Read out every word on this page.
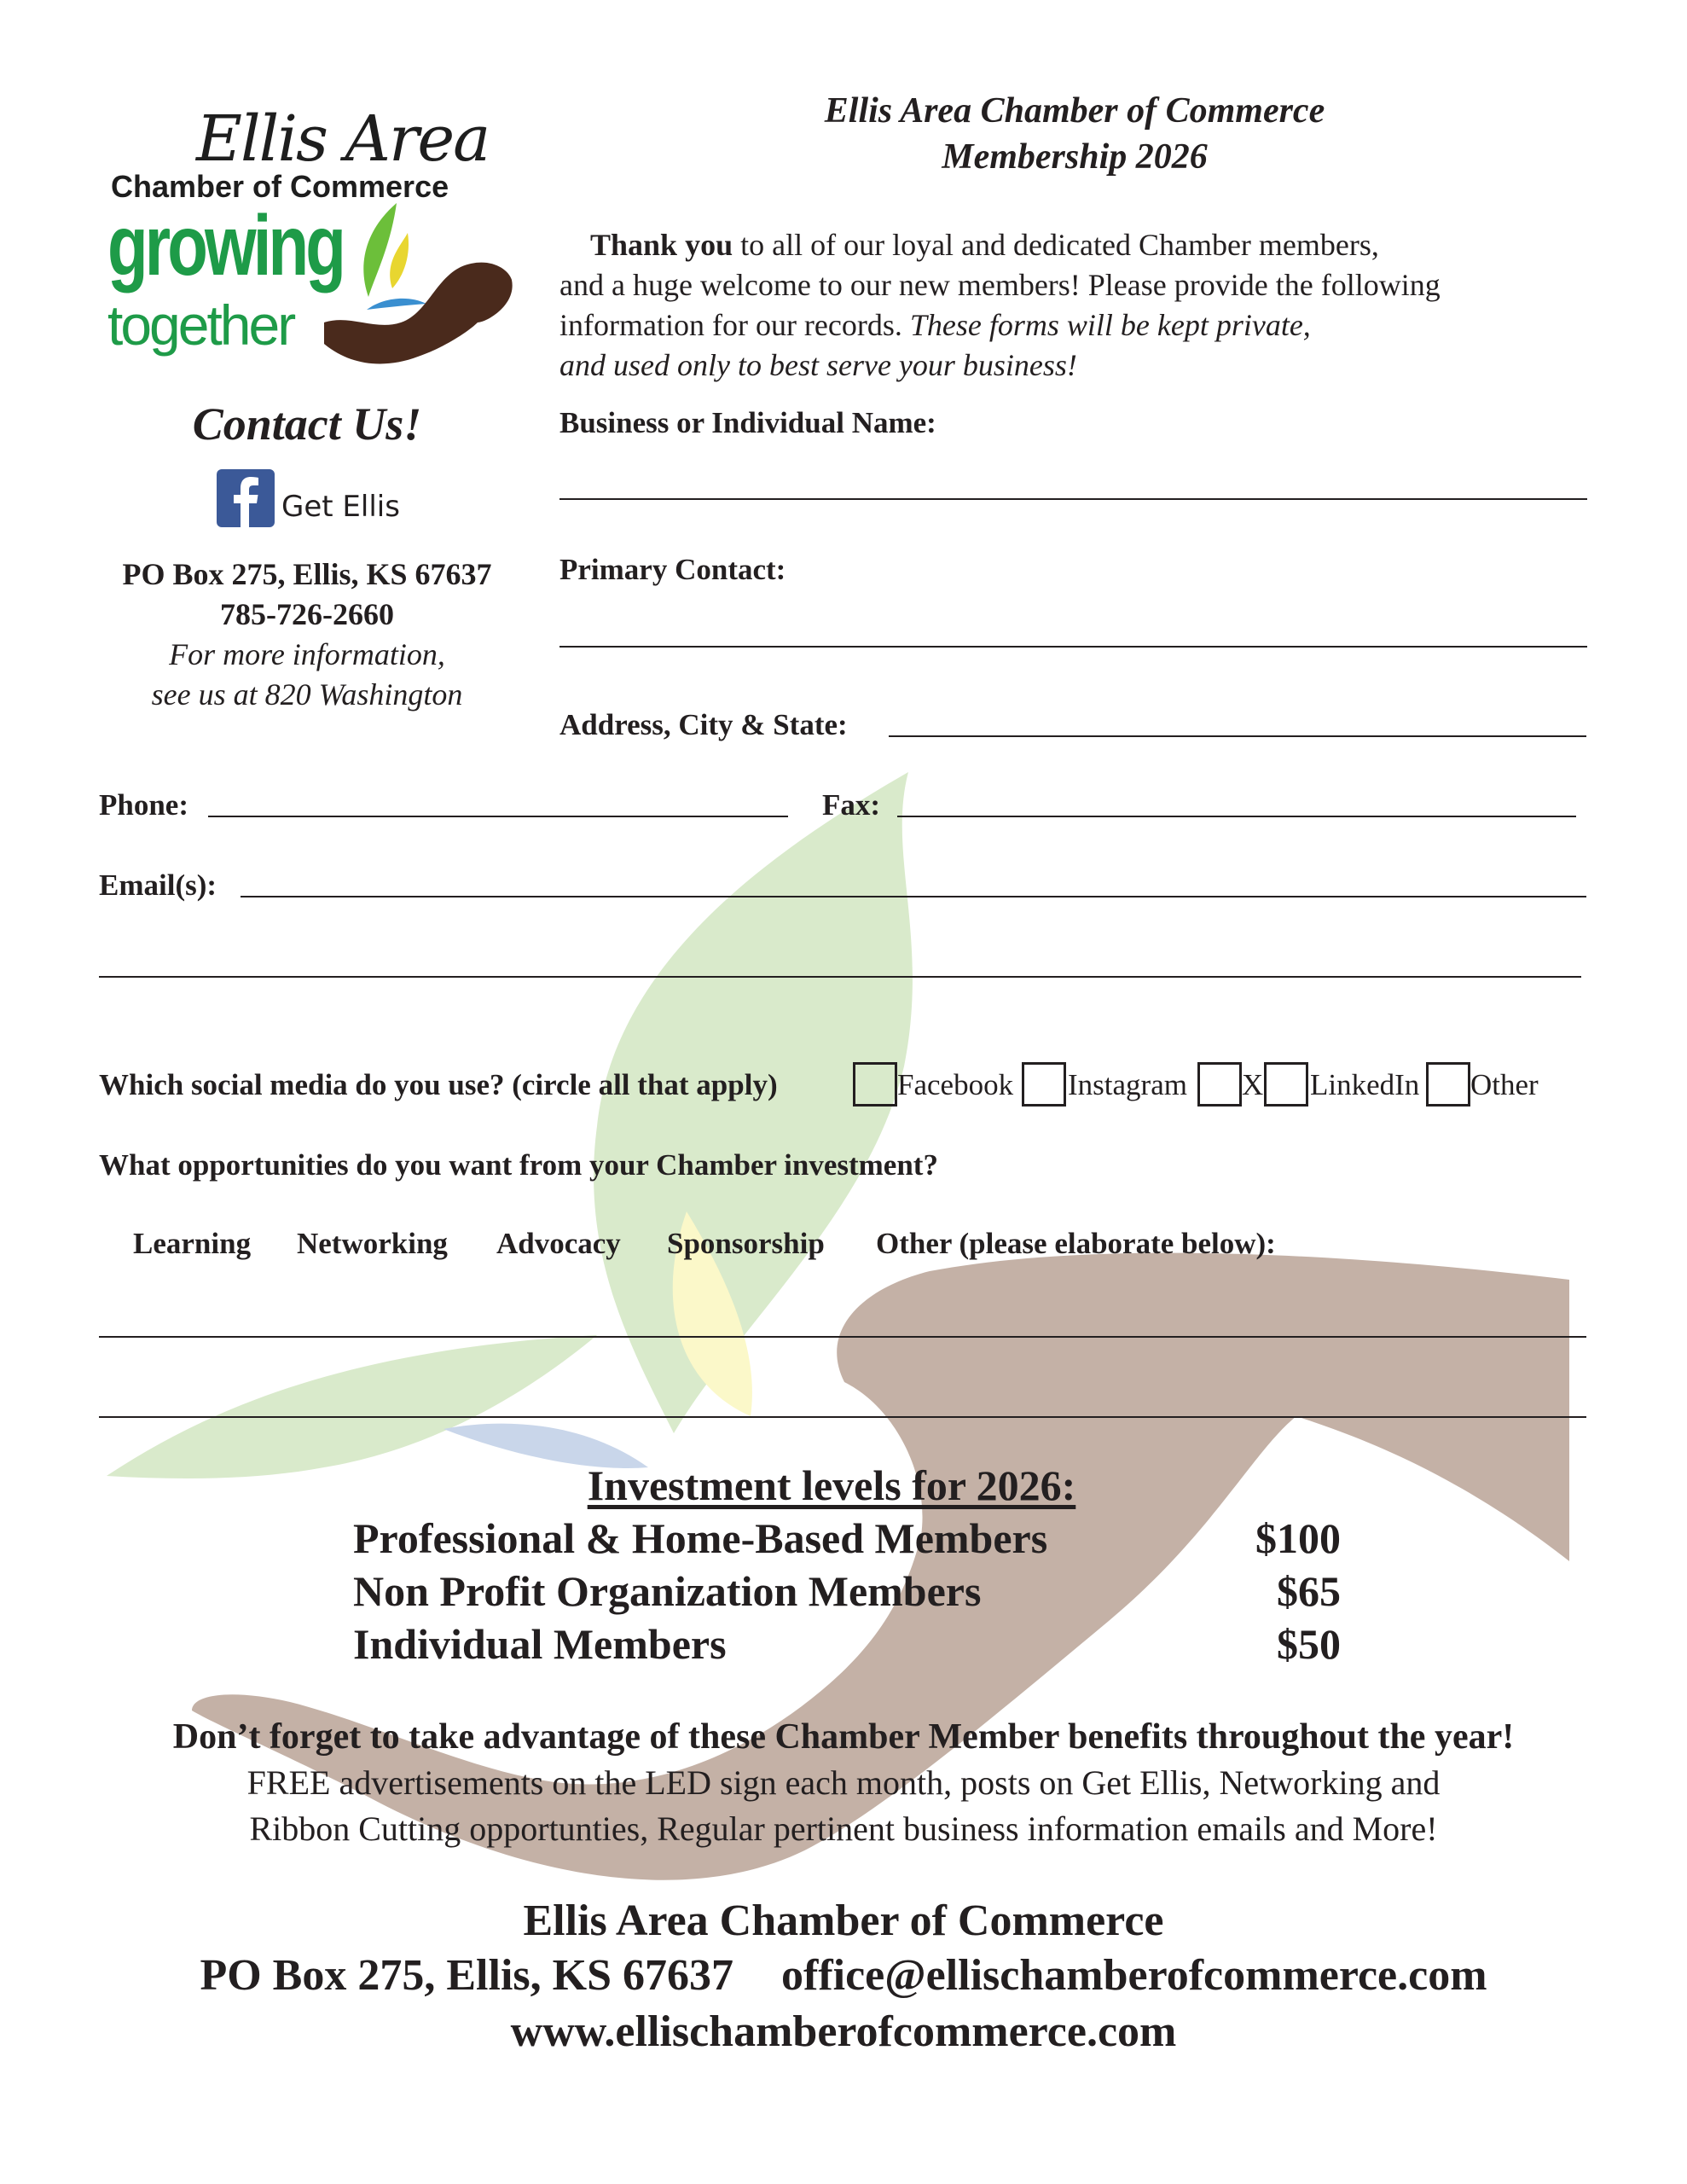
Ellis Area
Chamber of Commerce
growing
together
Ellis Area Chamber of Commerce
Membership 2026
Thank you to all of our loyal and dedicated Chamber members,
and a huge welcome to our new members! Please provide the following
information for our records. These forms will be kept private,
and used only to best serve your business!
Contact Us!
Get Ellis
PO Box 275, Ellis, KS 67637
785-726-2660
For more information,
see us at 820 Washington
Business or Individual Name:
Primary Contact:
Address, City & State:
Phone:	Fax:
Email(s):
Which social media do you use? (circle all that apply)	Facebook Instagram X LinkedIn Other
What opportunities do you want from your Chamber investment?
Learning Networking Advocacy Sponsorship Other (please elaborate below):
Investment levels for 2026:
Professional & Home-Based Members	$100
Non Profit Organization Members	$65
Individual Members	$50
Don’t forget to take advantage of these Chamber Member benefits throughout the year!
FREE advertisements on the LED sign each month, posts on Get Ellis, Networking and
Ribbon Cutting opportunties, Regular pertinent business information emails and More!
Ellis Area Chamber of Commerce
PO Box 275, Ellis, KS 67637 office@ellischamberofcommerce.com
www.ellischamberofcommerce.com
